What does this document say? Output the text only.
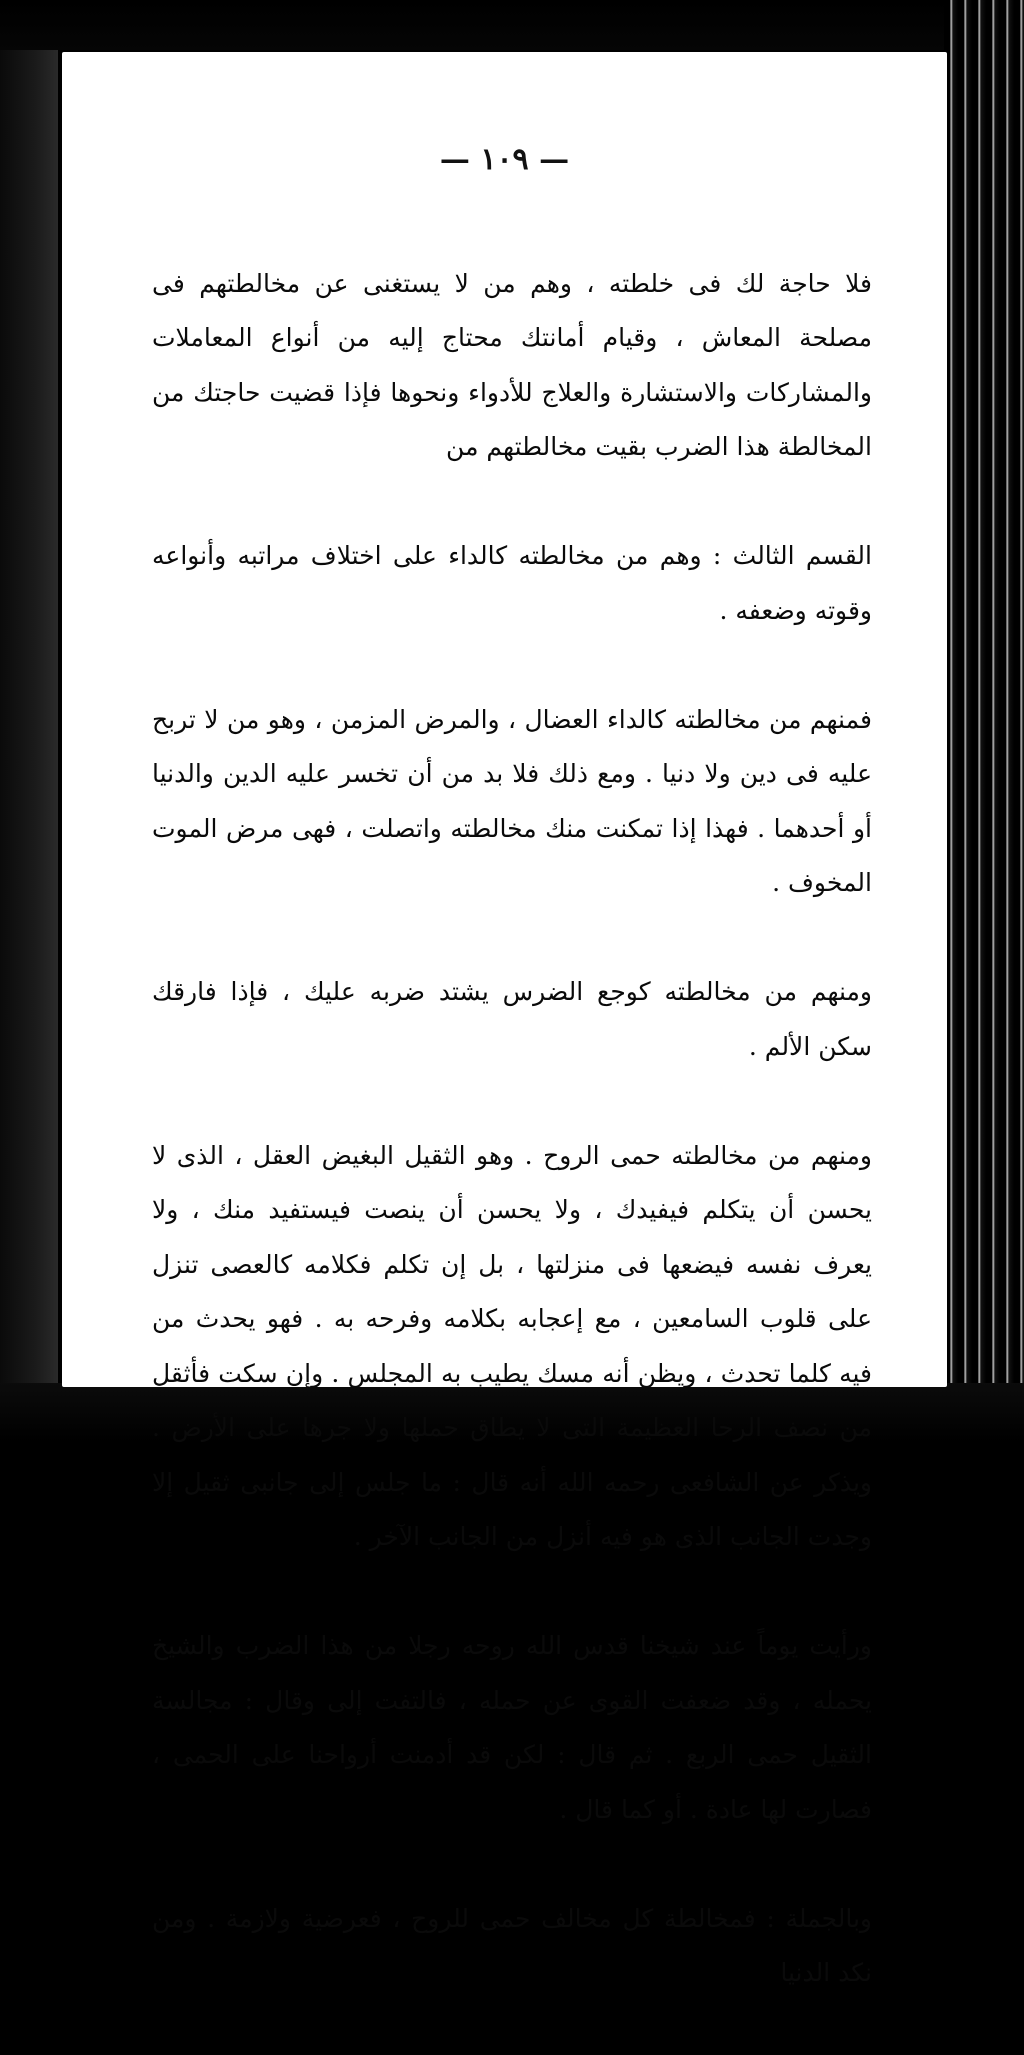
— ١٠٩ —

فلا حاجة لك فى خلطته ، وهم من لا يستغنى عن مخالطتهم فى مصلحة المعاش ، وقيام أمانتك محتاج إليه من أنواع المعاملات والمشاركات والاستشارة والعلاج للأدواء ونحوها فإذا قضيت حاجتك من المخالطة هذا الضرب بقيت مخالطتهم من

القسم الثالث : وهم من مخالطته كالداء على اختلاف مراتبه وأنواعه وقوته وضعفه .

فمنهم من مخالطته كالداء العضال ، والمرض المزمن ، وهو من لا تربح عليه فى دين ولا دنيا . ومع ذلك فلا بد من أن تخسر عليه الدين والدنيا أو أحدهما . فهذا إذا تمكنت منك مخالطته واتصلت ، فهى مرض الموت المخوف .

ومنهم من مخالطته كوجع الضرس يشتد ضربه عليك ، فإذا فارقك سكن الألم .

ومنهم من مخالطته حمى الروح . وهو الثقيل البغيض العقل ، الذى لا يحسن أن يتكلم فيفيدك ، ولا يحسن أن ينصت فيستفيد منك ، ولا يعرف نفسه فيضعها فى منزلتها ، بل إن تكلم فكلامه كالعصى تنزل على قلوب السامعين ، مع إعجابه بكلامه وفرحه به . فهو يحدث من فيه كلما تحدث ، ويظن أنه مسك يطيب به المجلس . وإن سكت فأثقل من نصف الرحا العظيمة التى لا يطاق حملها ولا جرها على الأرض . ويذكر عن الشافعى رحمه الله أنه قال : ما جلس إلى جانبى ثقيل إلا وجدت الجانب الذى هو فيه أنزل من الجانب الآخر .

ورأيت يوماً عند شيخنا قدس الله روحه رجلا من هذا الضرب والشيخ يحمله ، وقد ضعفت القوى عن حمله ، فالتفت إلى وقال : مجالسة الثقيل حمى الربع . ثم قال : لكن قد أدمنت أرواحنا على الحمى ، فصارت لها عادة . أو كما قال .

وبالجملة : فمخالطة كل مخالف حمى للروح ، فعرضية ولازمة . ومن نكد الدنيا
